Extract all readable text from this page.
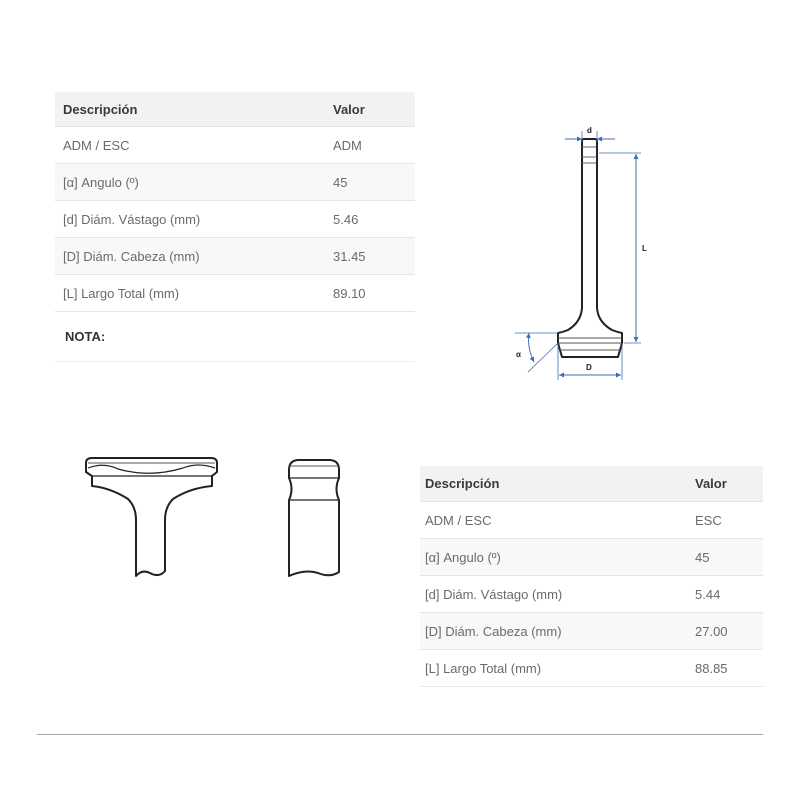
Descripción	Valor
ADM / ESC	ADM
[α] Angulo (º)	45
[d] Diám. Vástago (mm)	5.46
[D] Diám. Cabeza (mm)	31.45
[L] Largo Total (mm)	89.10
NOTA:
d
L
D
α
Descripción	Valor
ADM / ESC	ESC
[α] Angulo (º)	45
[d] Diám. Vástago (mm)	5.44
[D] Diám. Cabeza (mm)	27.00
[L] Largo Total (mm)	88.85
